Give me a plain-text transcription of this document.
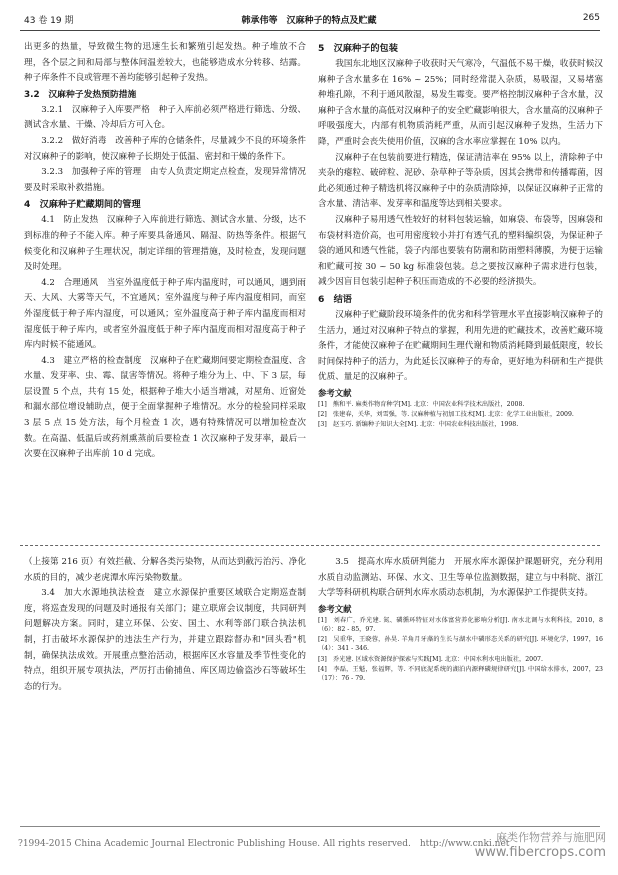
43 卷 19 期	韩承伟等　汉麻种子的特点及贮藏	265

出更多的热量，导致微生物的迅速生长和繁殖引起发热。种子堆放不合理，各个层之间和局部与整体间温差较大，也能够造成水分转移、结露。种子库条件不良或管理不善均能够引起种子发热。

3.2　汉麻种子发热预防措施

3.2.1　汉麻种子入库要严格　种子入库前必须严格进行筛选、分级、测试含水量、干燥、冷却后方可入仓。

3.2.2　做好消毒　改善种子库的仓储条件，尽量减少不良的环境条件对汉麻种子的影响，使汉麻种子长期处于低温、密封和干燥的条件下。

3.2.3　加强种子库的管理　由专人负责定期定点检查，发现异常情况要及时采取补救措施。

4　汉麻种子贮藏期间的管理

4.1　防止发热　汉麻种子入库前进行筛选、测试含水量、分级，达不到标准的种子不能入库。种子库要具备通风、隔湿、防热等条件。根据气候变化和汉麻种子生理状况，制定详细的管理措施，及时检查，发现问题及时处理。

4.2　合理通风　当室外温度低于种子库内温度时，可以通风，遇到雨天、大风、大雾等天气，不宜通风；室外温度与种子库内温度相同，而室外湿度低于种子库内湿度，可以通风；室外温度高于种子库内温度而相对湿度低于种子库内，或者室外温度低于种子库内温度而相对湿度高于种子库内时候不能通风。

4.3　建立严格的检查制度　汉麻种子在贮藏期间要定期检查温度、含水量、发芽率、虫、霉、鼠害等情况。将种子堆分为上、中、下 3 层，每层设置 5 个点，共有 15 处，根据种子堆大小适当增减，对屋角、近窗处和漏水部位增设辅助点，便于全面掌握种子堆情况。水分的检验同样采取 3 层 5 点 15 处方法，每个月检查 1 次，遇有特殊情况可以增加检查次数。在高温、低温后或药剂熏蒸前后要检查 1 次汉麻种子发芽率，最后一次要在汉麻种子出库前 10 d 完成。

5　汉麻种子的包装

我国东北地区汉麻种子收获时天气寒冷，气温低不易干燥，收获时候汉麻种子含水量多在 16% ~ 25%；同时经常混入杂质，易吸湿，又易堵塞种堆孔隙，不利于通风散湿，易发生霉变。要严格控制汉麻种子含水量，汉麻种子含水量的高低对汉麻种子的安全贮藏影响很大，含水量高的汉麻种子呼吸强度大，内部有机物质消耗严重，从而引起汉麻种子发热，生活力下降，严重时会丧失使用价值，汉麻的含水率应掌握在 10% 以内。

汉麻种子在包装前要进行精选，保证清洁率在 95% 以上，清除种子中夹杂的瘪粒、破碎粒、泥砂、杂草种子等杂质，因其会携带和传播霉菌，因此必须通过种子精选机将汉麻种子中的杂质清除掉，以保证汉麻种子正常的含水量、清洁率、发芽率和温度等达到相关要求。

汉麻种子易用透气性较好的材料包装运输，如麻袋、布袋等，因麻袋和布袋材料造价高，也可用密度较小并打有透气孔的塑料编织袋，为保证种子袋的通风和透气性能，袋子内部也要装有防潮和防雨塑料薄膜，为便于运输和贮藏可按 30 ~ 50 kg 标准袋包装。总之要按汉麻种子需求进行包装，减少因盲目包装引起种子积压而造成的不必要的经济损失。

6　结语

汉麻种子贮藏阶段环境条件的优劣和科学管理水平直接影响汉麻种子的生活力，通过对汉麻种子特点的掌握，利用先进的贮藏技术，改善贮藏环境条件，才能使汉麻种子在贮藏期间生理代谢和物质消耗降到最低限度，较长时间保持种子的活力，为此延长汉麻种子的寿命，更好地为科研和生产提供优质、量足的汉麻种子。

参考文献
[1]　熊和平. 麻类作物育种学[M]. 北京：中国农业科学技术出版社，2008.
[2]　张建春，关华，刘雪强，等. 汉麻种植与初加工技术[M]. 北京：化学工业出版社，2009.
[3]　赵玉巧. 新编种子知识大全[M]. 北京：中国农业科技出版社，1998.

（上接第 216 页）有效拦截、分解各类污染物，从而达到截污治污、净化水质的目的，减少老虎潭水库污染物数量。

3.4　加大水源地执法检查　建立水源保护重要区域联合定期巡查制度，将巡查发现的问题及时通报有关部门；建立联席会议制度，共同研判问题解决方案。同时，建立环保、公安、国土、水利等部门联合执法机制，打击破坏水源保护的违法生产行为，并建立跟踪督办和"回头看"机制，确保执法成效。开展重点整治活动，根据库区水容量及季节性变化的特点，组织开展专项执法，严厉打击偷捕鱼、库区周边偷盗沙石等破坏生态的行为。

3.5　提高水库水质研判能力　开展水库水源保护课题研究，充分利用水质自动监测站、环保、水文、卫生等单位监测数据，建立与中科院、浙江大学等科研机构联合研判水库水质动态机制，为水源保护工作提供支持。

参考文献
[1]　刘春广，乔光建. 氮、磷循环特征对水体富营养化影响分析[J]. 南水北调与水利科技，2010，8（6）：82 - 85，97.
[2]　吴重华，王晓蓉，孙昊. 羊角月牙藻的生长与湖水中磷形态关系的研究[J]. 环境化学，1997，16（4）：341 - 346.
[3]　乔光建. 区域水资源保护探索与实践[M]. 北京：中国水利水电出版社，2007.
[4]　李磊，王魁，张福辉，等. 不同底泥系统的湖泊内源释磷规律研究[J]. 中国给水排水，2007，23（17）：76 - 79.
?1994-2015 China Academic Journal Electronic Publishing House. All rights reserved.　http://www.cnki.net
麻类作物营养与施肥网
www.fibercrops.com
